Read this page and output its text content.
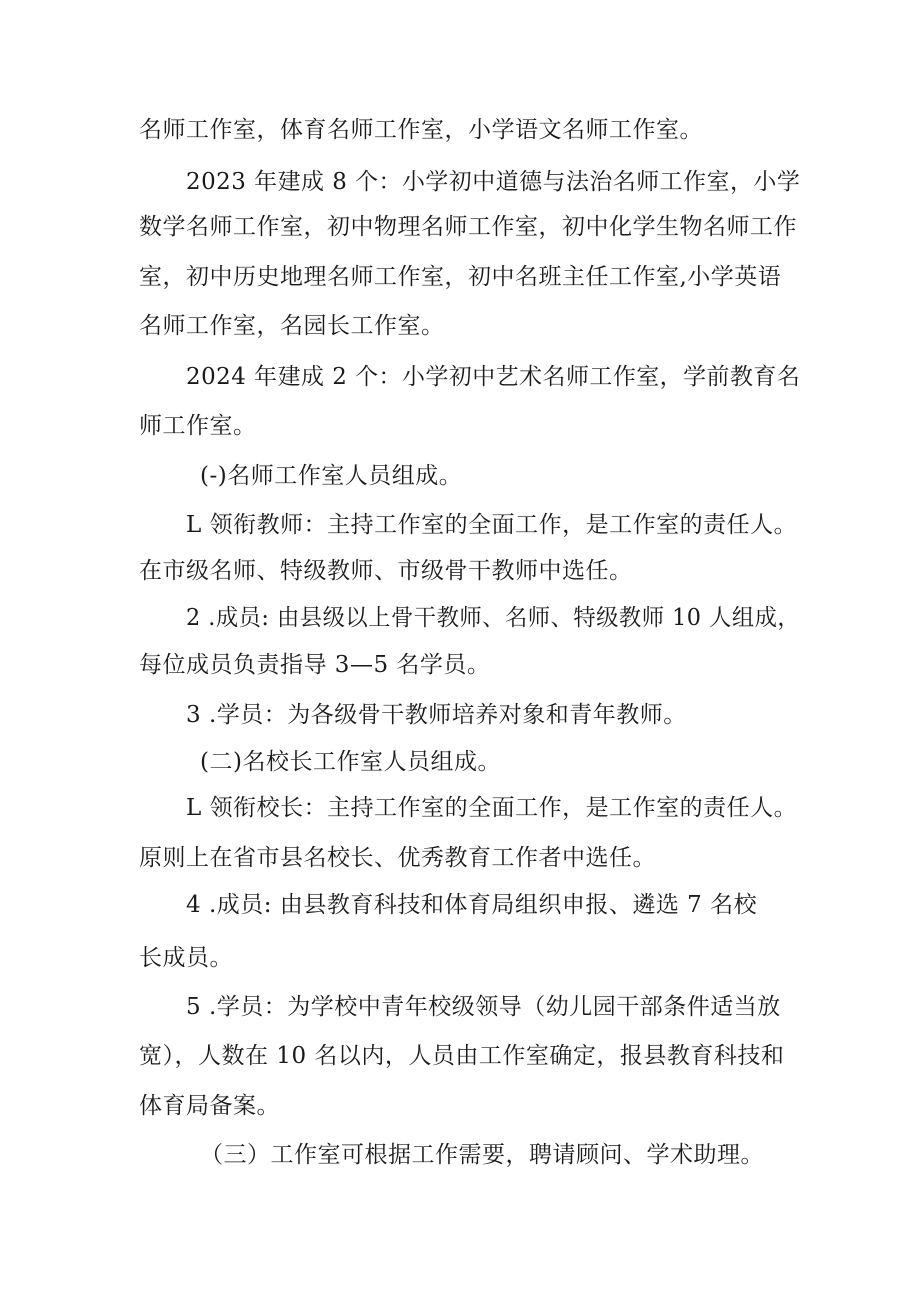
名师工作室，体育名师工作室，小学语文名师工作室。
2023 年建成 8 个：小学初中道德与法治名师工作室，小学
数学名师工作室，初中物理名师工作室，初中化学生物名师工作
室，初中历史地理名师工作室，初中名班主任工作室,小学英语
名师工作室，名园长工作室。
2024 年建成 2 个：小学初中艺术名师工作室，学前教育名
师工作室。
(-)名师工作室人员组成。
L 领衔教师：主持工作室的全面工作，是工作室的责任人。
在市级名师、特级教师、市级骨干教师中选任。
2 .成员: 由县级以上骨干教师、名师、特级教师 10 人组成，
每位成员负责指导 3—5 名学员。
3 .学员：为各级骨干教师培养对象和青年教师。
(二)名校长工作室人员组成。
L 领衔校长：主持工作室的全面工作，是工作室的责任人。
原则上在省市县名校长、优秀教育工作者中选任。
4 .成员: 由县教育科技和体育局组织申报、遴选 7 名校
长成员。
5 .学员：为学校中青年校级领导（幼儿园干部条件适当放
宽），人数在 10 名以内，人员由工作室确定，报县教育科技和
体育局备案。
（三）工作室可根据工作需要，聘请顾问、学术助理。
